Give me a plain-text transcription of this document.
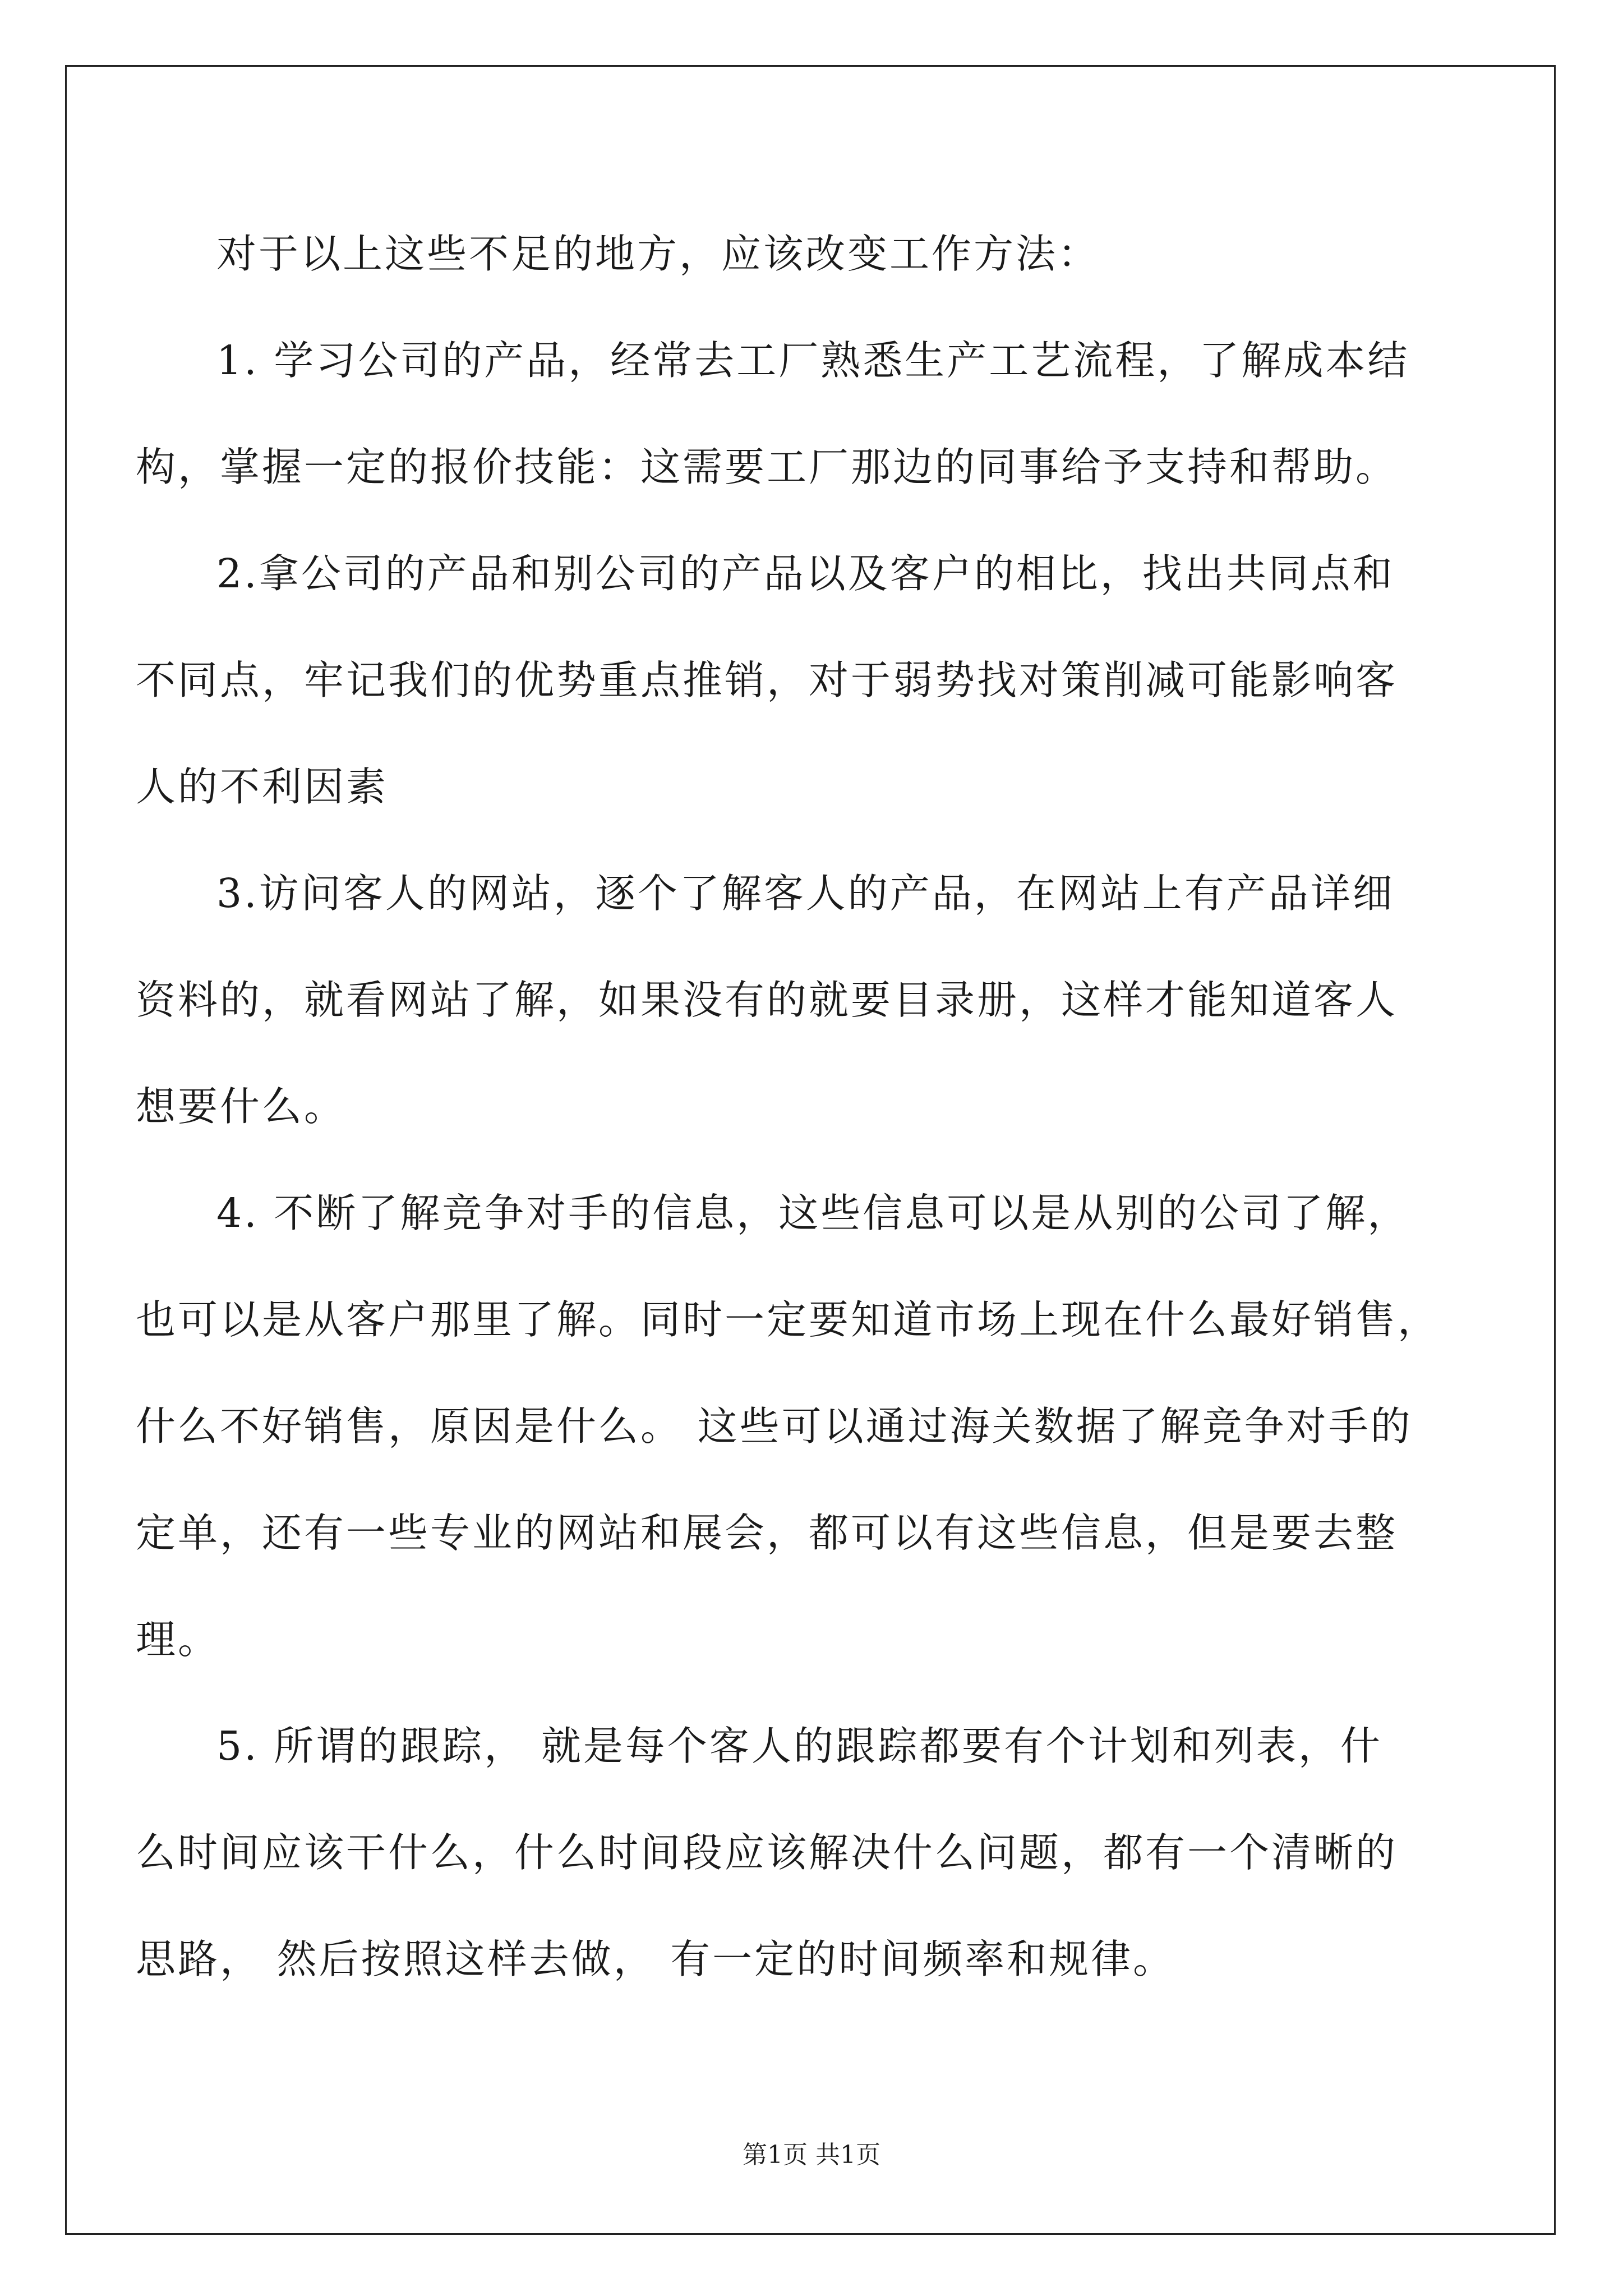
对于以上这些不足的地方，应该改变工作方法：
1. 学习公司的产品，经常去工厂熟悉生产工艺流程，了解成本结
构，掌握一定的报价技能：这需要工厂那边的同事给予支持和帮助。
2.拿公司的产品和别公司的产品以及客户的相比，找出共同点和
不同点，牢记我们的优势重点推销，对于弱势找对策削减可能影响客
人的不利因素
3.访问客人的网站，逐个了解客人的产品，在网站上有产品详细
资料的，就看网站了解，如果没有的就要目录册，这样才能知道客人
想要什么。
4. 不断了解竞争对手的信息，这些信息可以是从别的公司了解，
也可以是从客户那里了解。同时一定要知道市场上现在什么最好销售，
什么不好销售，原因是什么。 这些可以通过海关数据了解竞争对手的
定单，还有一些专业的网站和展会，都可以有这些信息，但是要去整
理。
5. 所谓的跟踪， 就是每个客人的跟踪都要有个计划和列表，什
么时间应该干什么，什么时间段应该解决什么问题，都有一个清晰的
思路， 然后按照这样去做， 有一定的时间频率和规律。
第1页 共1页
